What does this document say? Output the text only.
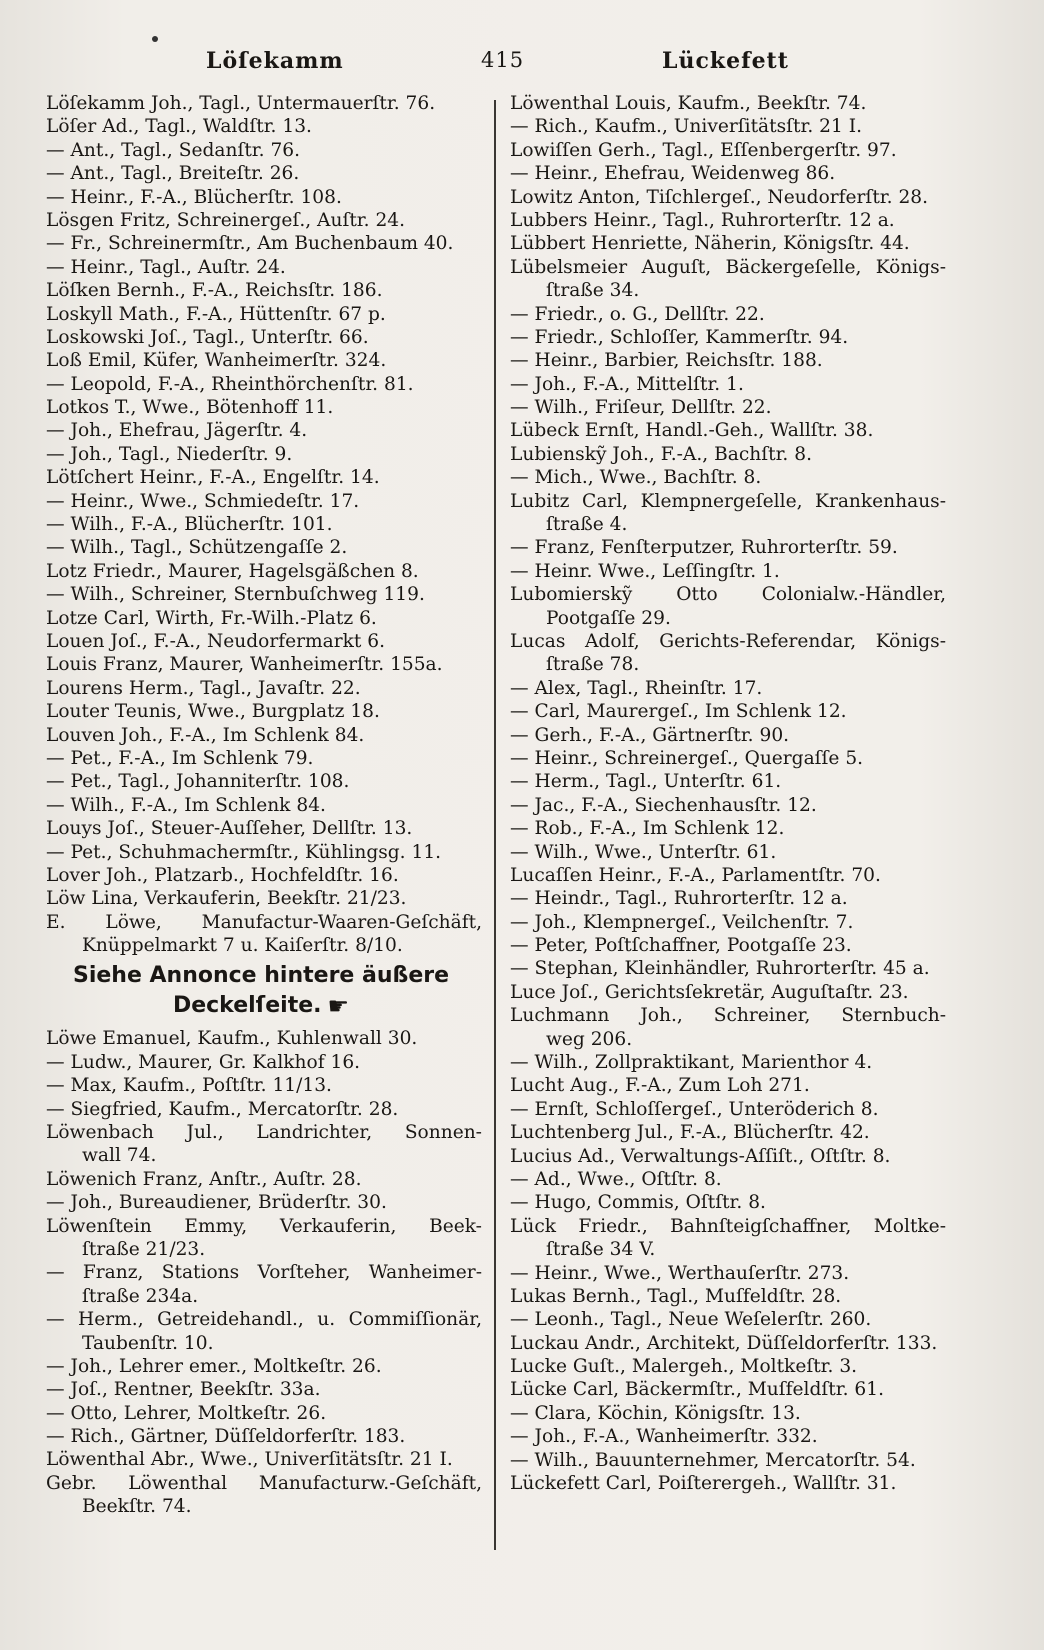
Löſekamm	415	Lückefett
Löſekamm Joh., Tagl., Untermauerſtr. 76.
Löſer Ad., Tagl., Waldſtr. 13.
— Ant., Tagl., Sedanſtr. 76.
— Ant., Tagl., Breiteſtr. 26.
— Heinr., F.-A., Blücherſtr. 108.
Lösgen Fritz, Schreinergeſ., Auſtr. 24.
— Fr., Schreinermſtr., Am Buchenbaum 40.
— Heinr., Tagl., Auſtr. 24.
Löſken Bernh., F.-A., Reichsſtr. 186.
Loskyll Math., F.-A., Hüttenſtr. 67 p.
Loskowski Joſ., Tagl., Unterſtr. 66.
Loß Emil, Küfer, Wanheimerſtr. 324.
— Leopold, F.-A., Rheinthörchenſtr. 81.
Lotkos T., Wwe., Bötenhoff 11.
— Joh., Ehefrau, Jägerſtr. 4.
— Joh., Tagl., Niederſtr. 9.
Lötſchert Heinr., F.-A., Engelſtr. 14.
— Heinr., Wwe., Schmiedeſtr. 17.
— Wilh., F.-A., Blücherſtr. 101.
— Wilh., Tagl., Schützengaſſe 2.
Lotz Friedr., Maurer, Hagelsgäßchen 8.
— Wilh., Schreiner, Sternbuſchweg 119.
Lotze Carl, Wirth, Fr.-Wilh.-Platz 6.
Louen Joſ., F.-A., Neudorfermarkt 6.
Louis Franz, Maurer, Wanheimerſtr. 155a.
Lourens Herm., Tagl., Javaſtr. 22.
Louter Teunis, Wwe., Burgplatz 18.
Louven Joh., F.-A., Im Schlenk 84.
— Pet., F.-A., Im Schlenk 79.
— Pet., Tagl., Johanniterſtr. 108.
— Wilh., F.-A., Im Schlenk 84.
Louys Joſ., Steuer-Auſſeher, Dellſtr. 13.
— Pet., Schuhmachermſtr., Kühlingsg. 11.
Lover Joh., Platzarb., Hochfeldſtr. 16.
Löw Lina, Verkauferin, Beekſtr. 21/23.
E. Löwe, Manufactur-Waaren-Geſchäft,
Knüppelmarkt 7 u. Kaiſerſtr. 8/10.
Siehe Annonce hintere äußere
Deckelſeite. ☛
Löwe Emanuel, Kaufm., Kuhlenwall 30.
— Ludw., Maurer, Gr. Kalkhof 16.
— Max, Kaufm., Poſtſtr. 11/13.
— Siegfried, Kaufm., Mercatorſtr. 28.
Löwenbach Jul., Landrichter, Sonnen-
wall 74.
Löwenich Franz, Anſtr., Auſtr. 28.
— Joh., Bureaudiener, Brüderſtr. 30.
Löwenſtein Emmy, Verkauferin, Beek-
ſtraße 21/23.
— Franz, Stations Vorſteher, Wanheimer-
ſtraße 234a.
— Herm., Getreidehandl., u. Commiſſionär,
Taubenſtr. 10.
— Joh., Lehrer emer., Moltkeſtr. 26.
— Joſ., Rentner, Beekſtr. 33a.
— Otto, Lehrer, Moltkeſtr. 26.
— Rich., Gärtner, Düſſeldorferſtr. 183.
Löwenthal Abr., Wwe., Univerſitätsſtr. 21 I.
Gebr. Löwenthal Manufacturw.-Geſchäft,
Beekſtr. 74.
Löwenthal Louis, Kaufm., Beekſtr. 74.
— Rich., Kaufm., Univerſitätsſtr. 21 I.
Lowiſſen Gerh., Tagl., Eſſenbergerſtr. 97.
— Heinr., Ehefrau, Weidenweg 86.
Lowitz Anton, Tiſchlergeſ., Neudorferſtr. 28.
Lubbers Heinr., Tagl., Ruhrorterſtr. 12 a.
Lübbert Henriette, Näherin, Königsſtr. 44.
Lübelsmeier Auguſt, Bäckergeſelle, Königs-
ſtraße 34.
— Friedr., o. G., Dellſtr. 22.
— Friedr., Schloſſer, Kammerſtr. 94.
— Heinr., Barbier, Reichsſtr. 188.
— Joh., F.-A., Mittelſtr. 1.
— Wilh., Friſeur, Dellſtr. 22.
Lübeck Ernſt, Handl.-Geh., Wallſtr. 38.
Lubienskỹ Joh., F.-A., Bachſtr. 8.
— Mich., Wwe., Bachſtr. 8.
Lubitz Carl, Klempnergeſelle, Krankenhaus-
ſtraße 4.
— Franz, Fenſterputzer, Ruhrorterſtr. 59.
— Heinr. Wwe., Leſſingſtr. 1.
Lubomierskỹ Otto Colonialw.-Händler,
Pootgaſſe 29.
Lucas Adolf, Gerichts-Referendar, Königs-
ſtraße 78.
— Alex, Tagl., Rheinſtr. 17.
— Carl, Maurergeſ., Im Schlenk 12.
— Gerh., F.-A., Gärtnerſtr. 90.
— Heinr., Schreinergeſ., Quergaſſe 5.
— Herm., Tagl., Unterſtr. 61.
— Jac., F.-A., Siechenhausſtr. 12.
— Rob., F.-A., Im Schlenk 12.
— Wilh., Wwe., Unterſtr. 61.
Lucaſſen Heinr., F.-A., Parlamentſtr. 70.
— Heindr., Tagl., Ruhrorterſtr. 12 a.
— Joh., Klempnergeſ., Veilchenſtr. 7.
— Peter, Poſtſchaffner, Pootgaſſe 23.
— Stephan, Kleinhändler, Ruhrorterſtr. 45 a.
Luce Joſ., Gerichtsſekretär, Auguſtaſtr. 23.
Luchmann Joh., Schreiner, Sternbuch-
weg 206.
— Wilh., Zollpraktikant, Marienthor 4.
Lucht Aug., F.-A., Zum Loh 271.
— Ernſt, Schloſſergeſ., Unteröderich 8.
Luchtenberg Jul., F.-A., Blücherſtr. 42.
Lucius Ad., Verwaltungs-Aſſiſt., Oſtſtr. 8.
— Ad., Wwe., Oſtſtr. 8.
— Hugo, Commis, Oſtſtr. 8.
Lück Friedr., Bahnſteigſchaffner, Moltke-
ſtraße 34 V.
— Heinr., Wwe., Werthauſerſtr. 273.
Lukas Bernh., Tagl., Muſfeldſtr. 28.
— Leonh., Tagl., Neue Weſelerſtr. 260.
Luckau Andr., Architekt, Düſſeldorferſtr. 133.
Lucke Guſt., Malergeh., Moltkeſtr. 3.
Lücke Carl, Bäckermſtr., Muſfeldſtr. 61.
— Clara, Köchin, Königsſtr. 13.
— Joh., F.-A., Wanheimerſtr. 332.
— Wilh., Bauunternehmer, Mercatorſtr. 54.
Lückefett Carl, Poiſterergeh., Wallſtr. 31.
